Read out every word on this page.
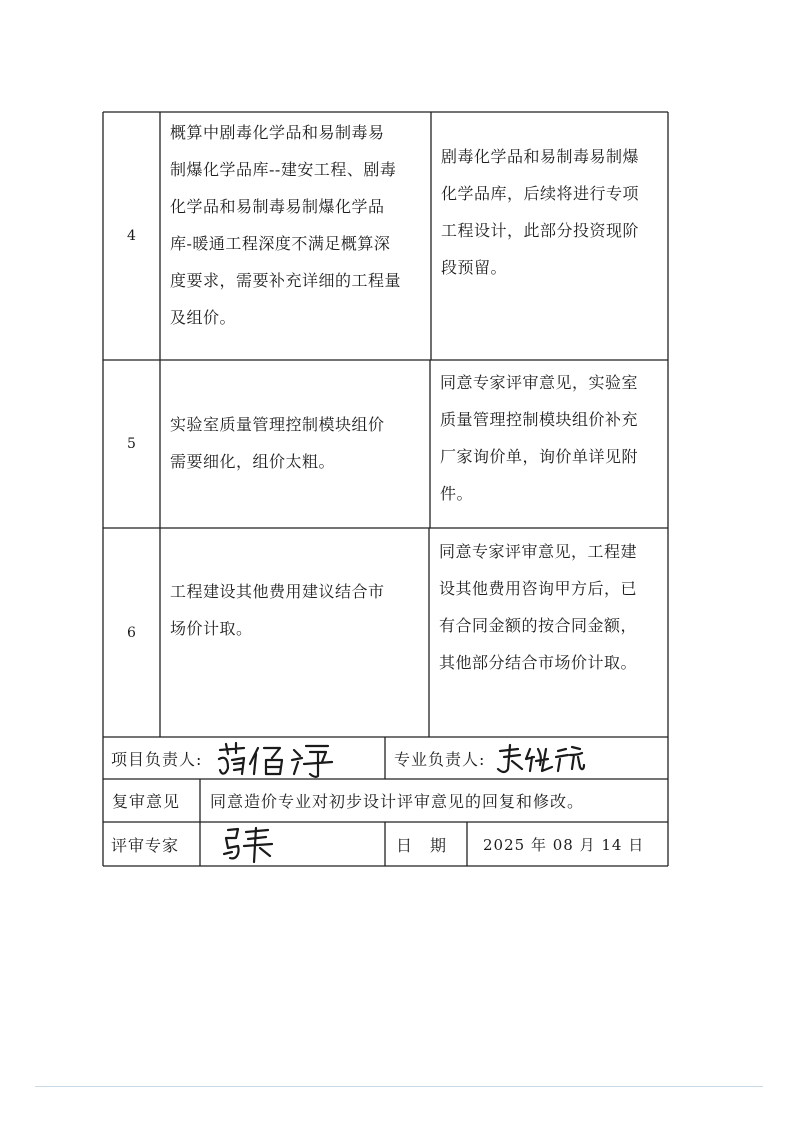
4
概算中剧毒化学品和易制毒易
制爆化学品库--建安工程、剧毒
化学品和易制毒易制爆化学品
库-暖通工程深度不满足概算深
度要求，需要补充详细的工程量
及组价。
剧毒化学品和易制毒易制爆
化学品库，后续将进行专项
工程设计，此部分投资现阶
段预留。
5
实验室质量管理控制模块组价
需要细化，组价太粗。
同意专家评审意见，实验室
质量管理控制模块组价补充
厂家询价单，询价单详见附
件。
6
工程建设其他费用建议结合市
场价计取。
同意专家评审意见，工程建
设其他费用咨询甲方后，已
有合同金额的按合同金额，
其他部分结合市场价计取。
项目负责人:	专业负责人:
复审意见 同意造价专业对初步设计评审意见的回复和修改。
评审专家	日　期 2025 年 08 月 14 日
